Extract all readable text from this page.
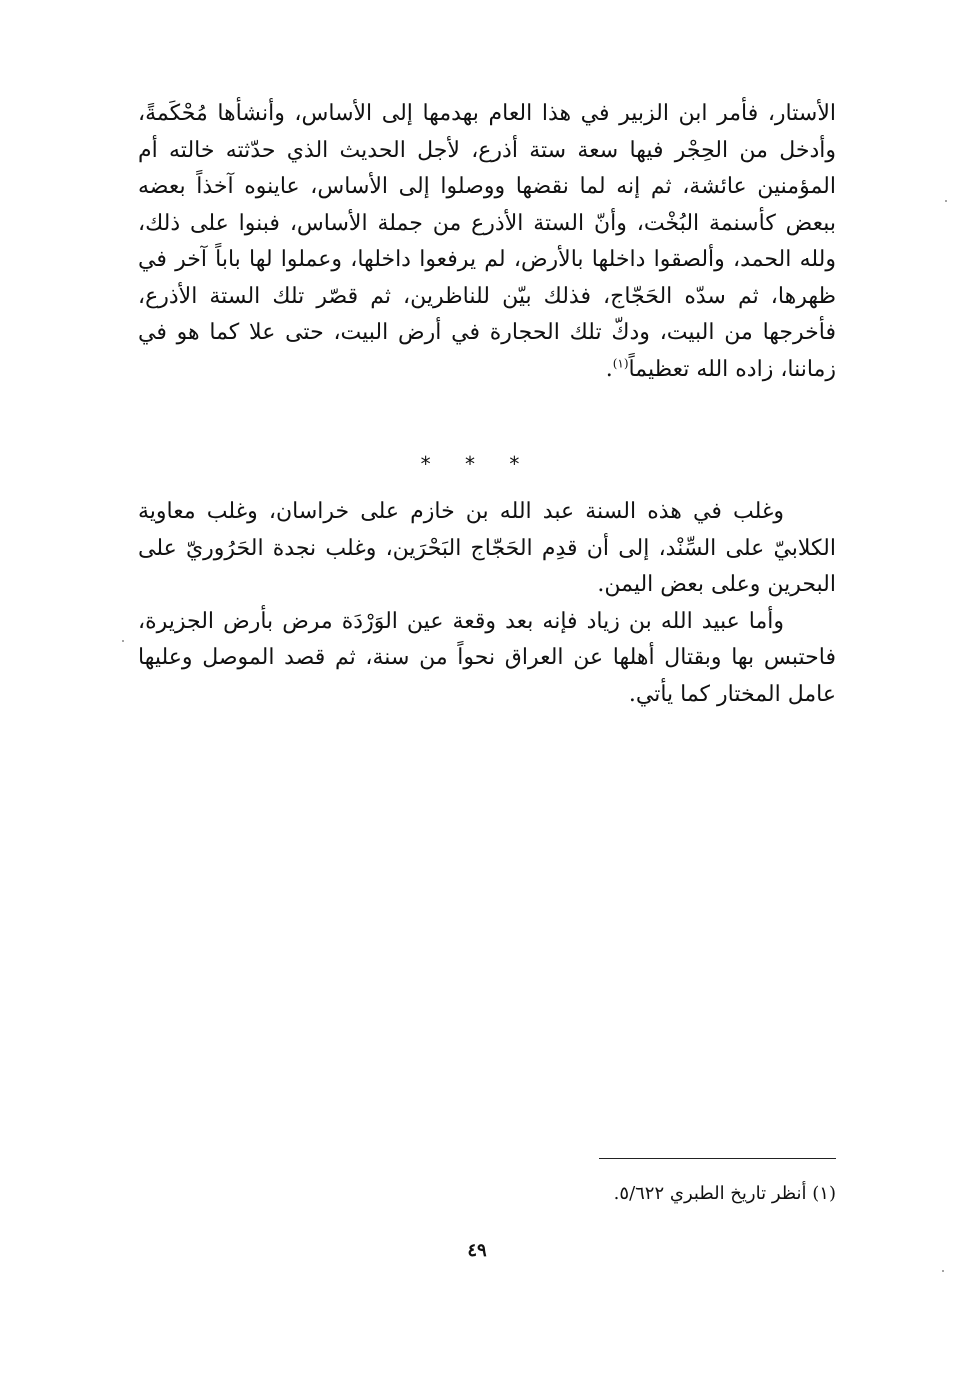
الأستار، فأمر ابن الزبير في هذا العام بهدمها إلى الأساس، وأنشأها مُحْكَمةً، وأدخل من الحِجْر فيها سعة ستة أذرع، لأجل الحديث الذي حدّثته خالته أم المؤمنين عائشة، ثم إنه لما نقضها ووصلوا إلى الأساس، عاينوه آخذاً بعضه ببعض كأسنمة البُخْت، وأنّ الستة الأذرع من جملة الأساس، فبنوا على ذلك، ولله الحمد، وألصقوا داخلها بالأرض، لم يرفعوا داخلها، وعملوا لها باباً آخر في ظهرها، ثم سدّه الحَجّاج، فذلك بيّن للناظرين، ثم قصّر تلك الستة الأذرع، فأخرجها من البيت، ودكّ تلك الحجارة في أرض البيت، حتى علا كما هو في زماننا، زاده الله تعظيماً$^{(١)}$.

* * *

وغلب في هذه السنة عبد الله بن خازم على خراسان، وغلب معاوية الكلابيّ على السِّنْد، إلى أن قدِم الحَجّاج البَحْرَين، وغلب نجدة الحَرُوريّ على البحرين وعلى بعض اليمن.

وأما عبيد الله بن زياد فإنه بعد وقعة عين الوَرْدَة مرض بأرض الجزيرة، فاحتبس بها وبقتال أهلها عن العراق نحواً من سنة، ثم قصد الموصل وعليها عامل المختار كما يأتي.

(١) أنظر تاريخ الطبري ٥/٦٢٢.
٤٩
